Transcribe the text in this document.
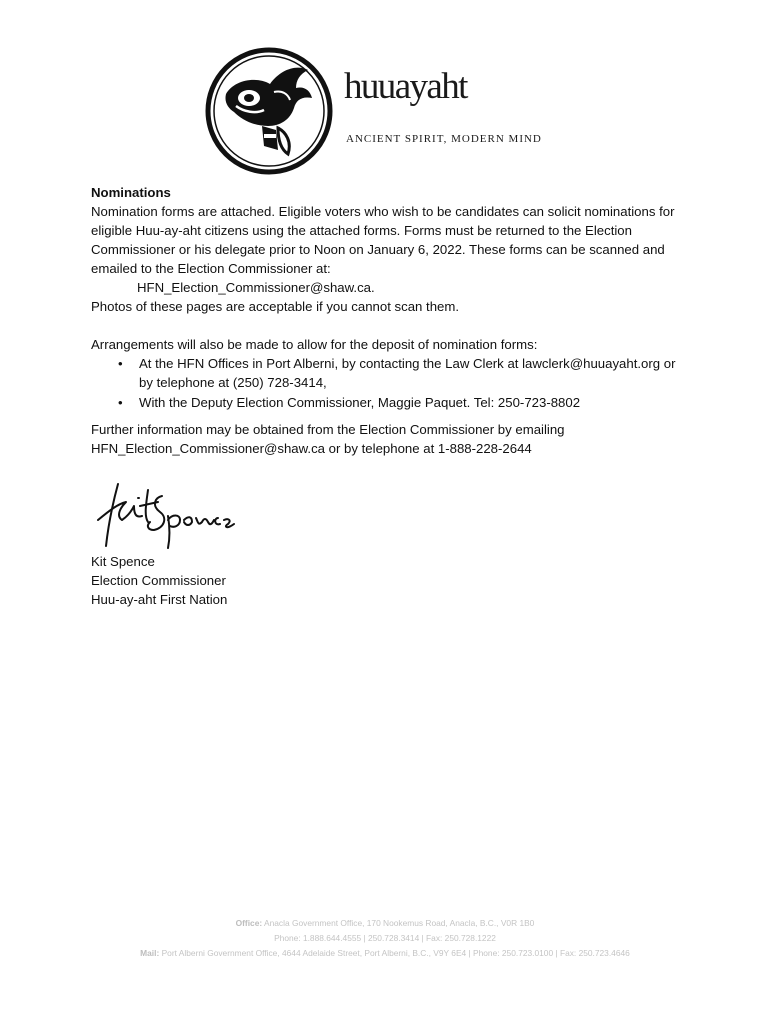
huuayaht
ANCIENT SPIRIT, MODERN MIND
Nominations
Nomination forms are attached. Eligible voters who wish to be candidates can solicit nominations for eligible Huu-ay-aht citizens using the attached forms. Forms must be returned to the Election Commissioner or his delegate prior to Noon on January 6, 2022. These forms can be scanned and emailed to the Election Commissioner at:
HFN_Election_Commissioner@shaw.ca.
Photos of these pages are acceptable if you cannot scan them.
Arrangements will also be made to allow for the deposit of nomination forms:
• At the HFN Offices in Port Alberni, by contacting the Law Clerk at lawclerk@huuayaht.org or by telephone at (250) 728-3414,
• With the Deputy Election Commissioner, Maggie Paquet. Tel: 250-723-8802
Further information may be obtained from the Election Commissioner by emailing HFN_Election_Commissioner@shaw.ca or by telephone at 1-888-228-2644
Kit Spence
Election Commissioner
Huu-ay-aht First Nation
Office: Anacla Government Office, 170 Nookemus Road, Anacla, B.C., V0R 1B0
Phone: 1.888.644.4555 | 250.728.3414 | Fax: 250.728.1222
Mail: Port Alberni Government Office, 4644 Adelaide Street, Port Alberni, B.C., V9Y 6E4 | Phone: 250.723.0100 | Fax: 250.723.4646
